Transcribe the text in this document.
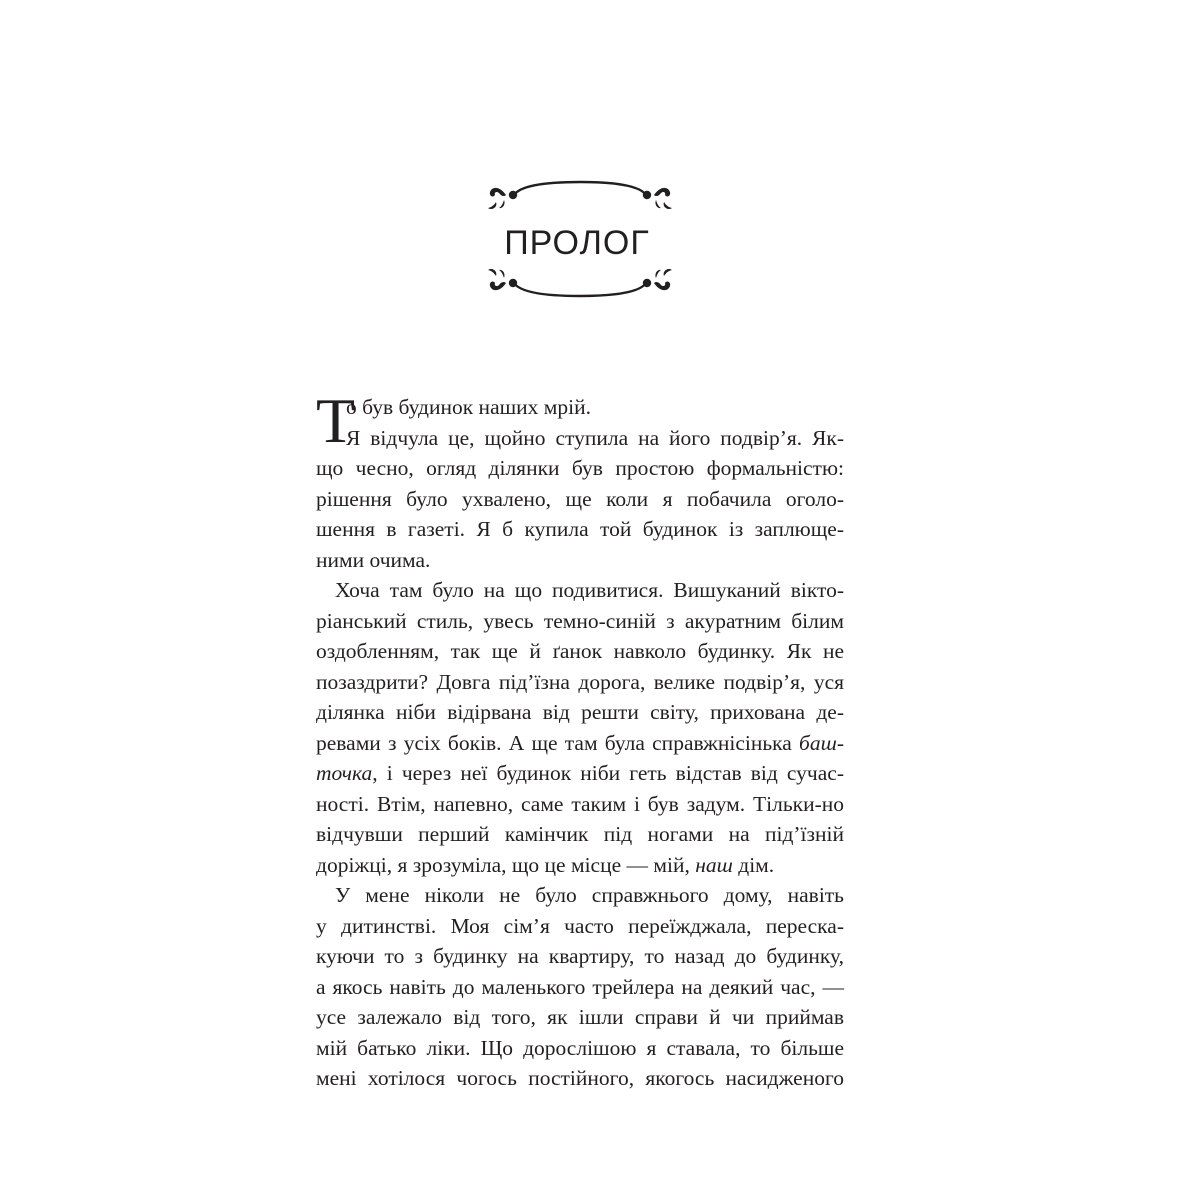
ПРОЛОГ
Т
о був будинок наших мрій.
Я відчула це, щойно ступила на його подвір’я. Як-
що чесно, огляд ділянки був простою формальністю:
рішення було ухвалено, ще коли я побачила оголо-
шення в газеті. Я б купила той будинок із заплюще-
ними очима.
Хоча там було на що подивитися. Вишуканий вікто-
ріанський стиль, увесь темно-синій з акуратним білим
оздобленням, так ще й ґанок навколо будинку. Як не
позаздрити? Довга під’їзна дорога, велике подвір’я, уся
ділянка ніби відірвана від решти світу, прихована де-
ревами з усіх боків. А ще там була справжнісінька баш-
точка, і через неї будинок ніби геть відстав від сучас-
ності. Втім, напевно, саме таким і був задум. Тільки-но
відчувши перший камінчик під ногами на під’їзній
доріжці, я зрозуміла, що це місце — мій, наш дім.
У мене ніколи не було справжнього дому, навіть
у дитинстві. Моя сім’я часто переїжджала, переска-
куючи то з будинку на квартиру, то назад до будинку,
а якось навіть до маленького трейлера на деякий час, —
усе залежало від того, як ішли справи й чи приймав
мій батько ліки. Що дорослішою я ставала, то більше
мені хотілося чогось постійного, якогось насидженого
